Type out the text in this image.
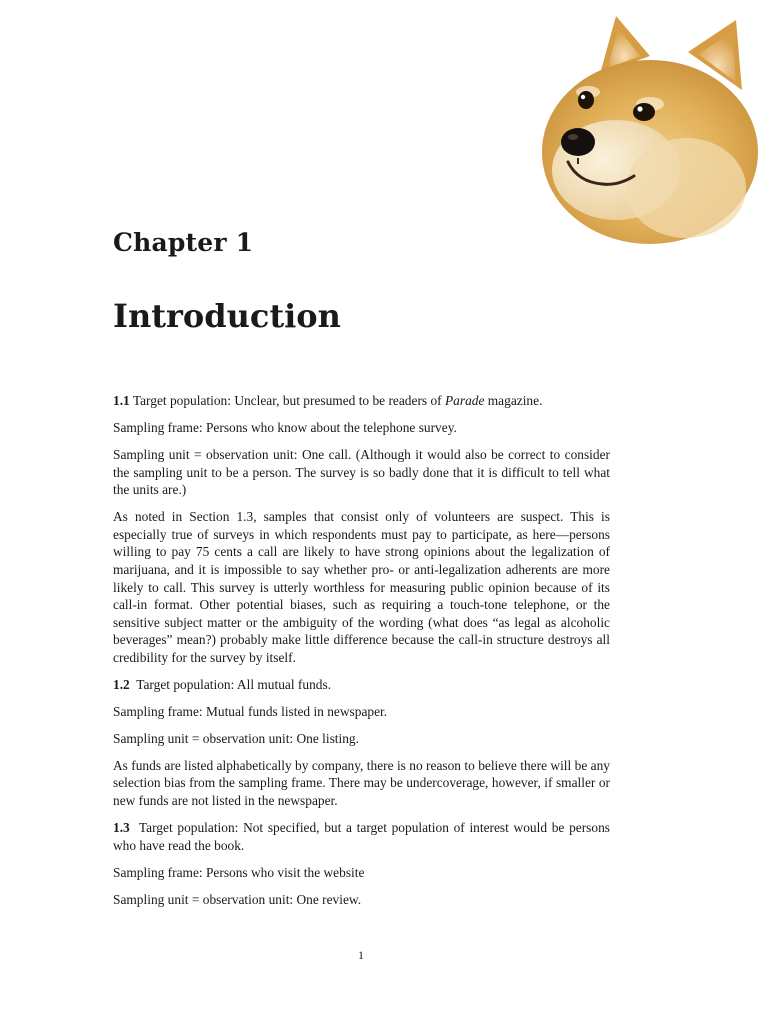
Chapter 1
Introduction

1.1 Target population: Unclear, but presumed to be readers of Parade magazine.

Sampling frame: Persons who know about the telephone survey.

Sampling unit = observation unit: One call. (Although it would also be correct to consider the sampling unit to be a person. The survey is so badly done that it is difficult to tell what the units are.)

As noted in Section 1.3, samples that consist only of volunteers are suspect. This is especially true of surveys in which respondents must pay to participate, as here—persons willing to pay 75 cents a call are likely to have strong opinions about the legalization of marijuana, and it is impossible to say whether pro- or anti-legalization adherents are more likely to call. This survey is utterly worthless for measuring public opinion because of its call-in format. Other potential biases, such as requiring a touch-tone telephone, or the sensitive subject matter or the ambiguity of the wording (what does “as legal as alcoholic beverages” mean?) probably make little difference because the call-in structure destroys all credibility for the survey by itself.

1.2 Target population: All mutual funds.

Sampling frame: Mutual funds listed in newspaper.

Sampling unit = observation unit: One listing.

As funds are listed alphabetically by company, there is no reason to believe there will be any selection bias from the sampling frame. There may be undercoverage, however, if smaller or new funds are not listed in the newspaper.

1.3 Target population: Not specified, but a target population of interest would be persons who have read the book.

Sampling frame: Persons who visit the website

Sampling unit = observation unit: One review.

1
